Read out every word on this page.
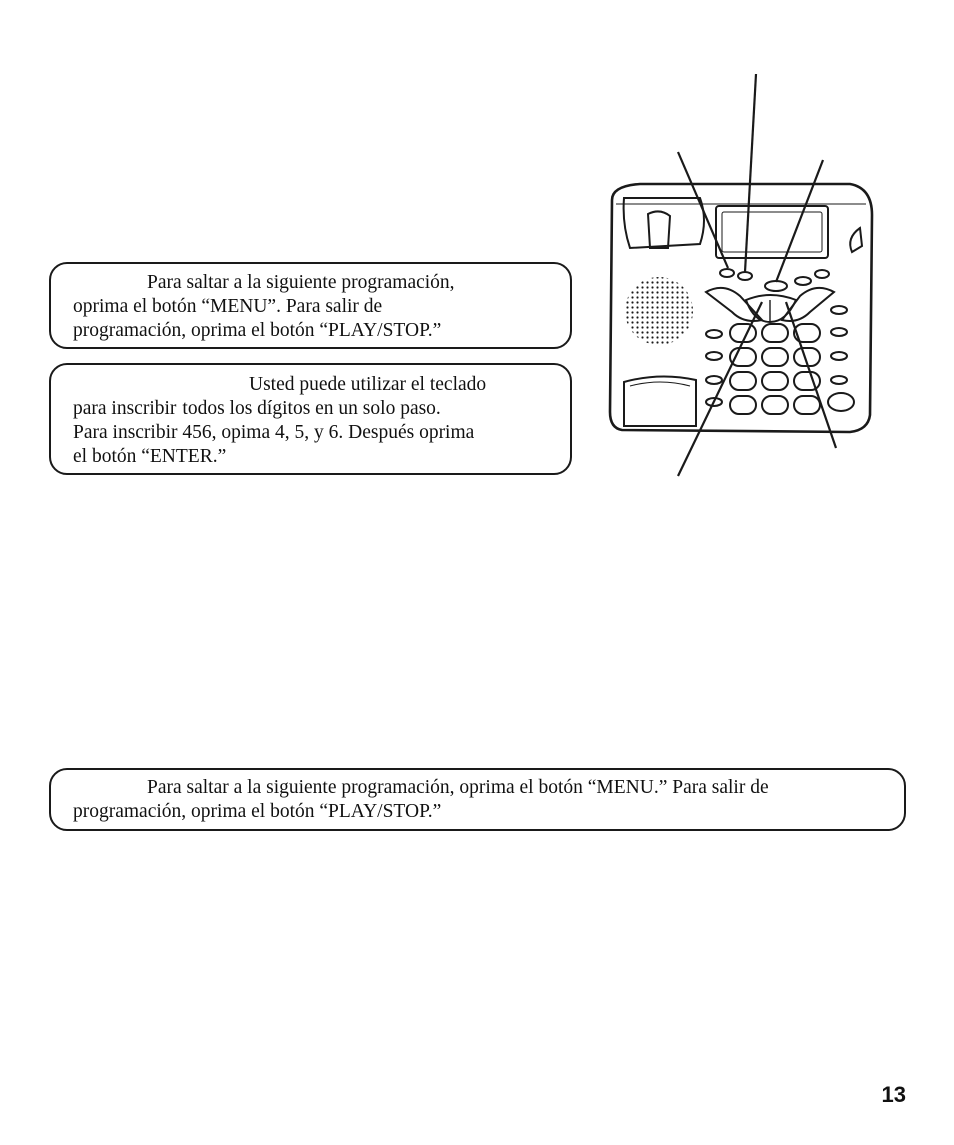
Para saltar a la siguiente programación,

oprima el botón “MENU”. Para salir de

programación, oprima el botón “PLAY/STOP.”

Usted puede utilizar el teclado

para inscribir todos los dígitos en un solo paso.

Para inscribir 456, opima 4, 5, y 6. Después oprima

el botón “ENTER.”

Para saltar a la siguiente programación, oprima el botón “MENU.” Para salir de

programación, oprima el botón “PLAY/STOP.”

13
